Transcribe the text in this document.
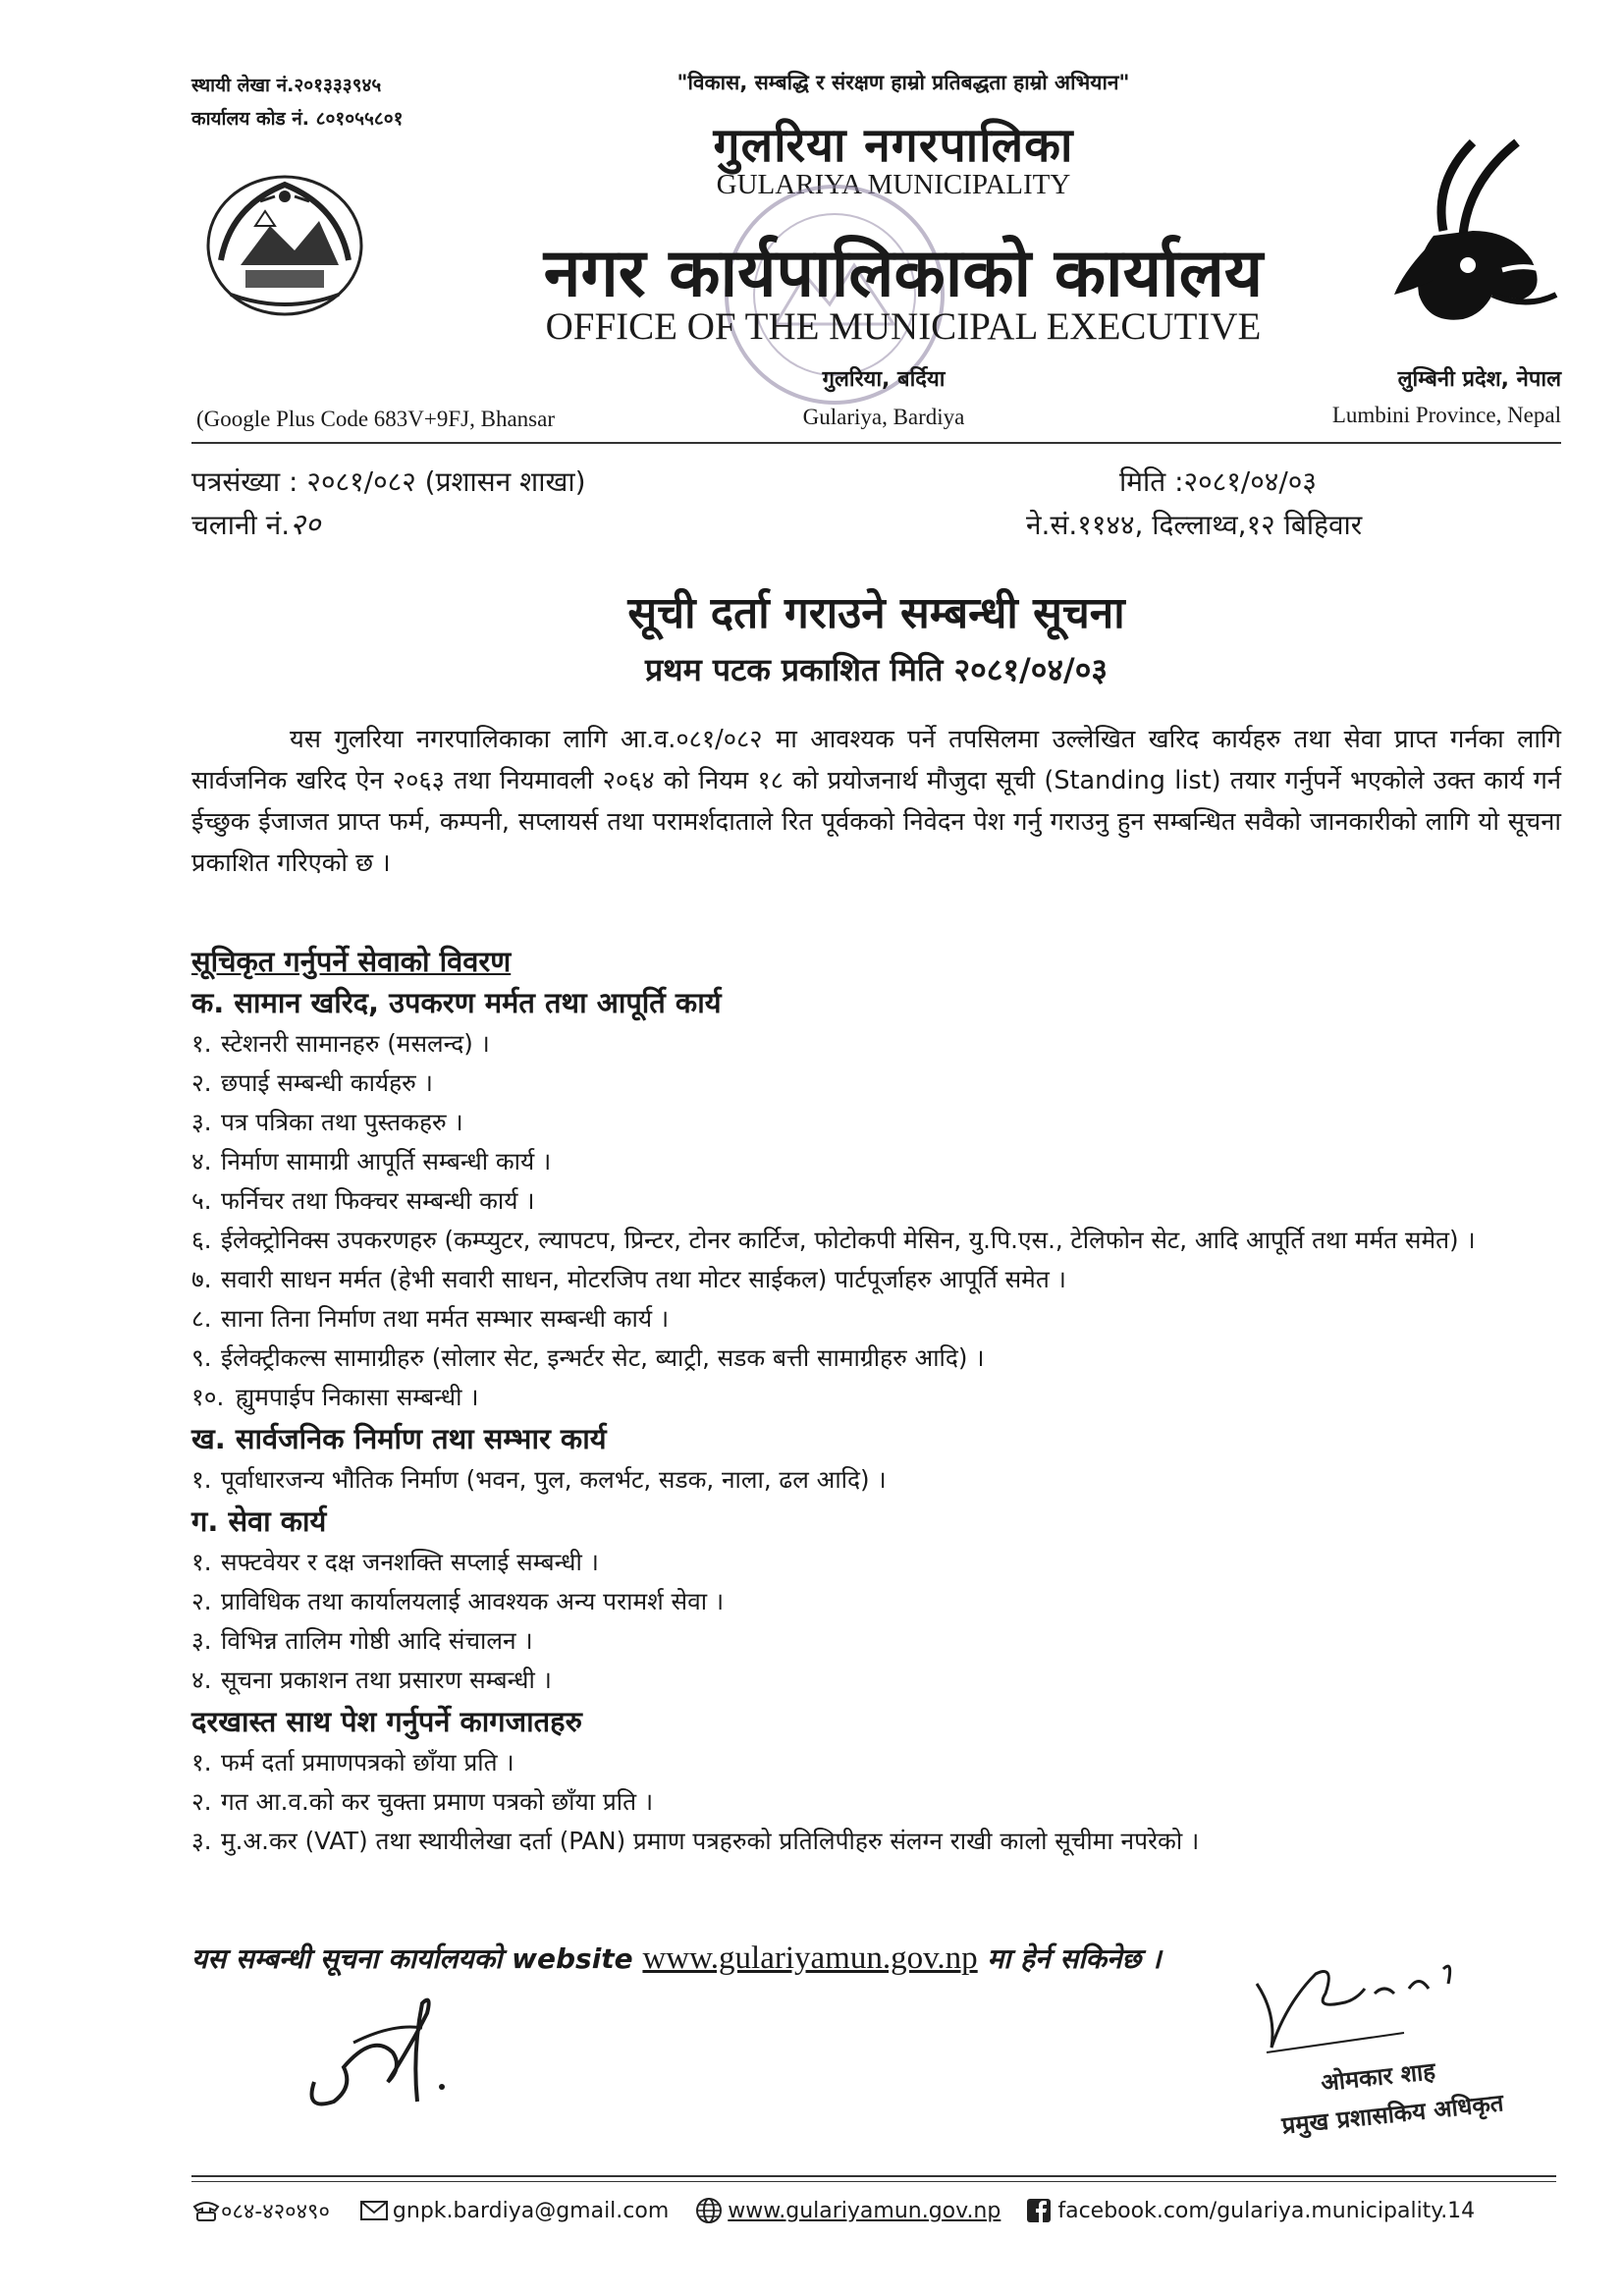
स्थायी लेखा नं.२०१३३३९४५
कार्यालय कोड नं. ८०१०५५८०१
"विकास, सम्बद्धि र संरक्षण हाम्रो प्रतिबद्धता हाम्रो अभियान"
गुलरिया नगरपालिका
GULARIYA MUNICIPALITY
नगर कार्यपालिकाको कार्यालय
OFFICE OF THE MUNICIPAL EXECUTIVE
गुलरिया, बर्दिया
Gulariya, Bardiya
(Google Plus Code 683V+9FJ, Bhansar
लुम्बिनी प्रदेश, नेपाल
Lumbini Province, Nepal
पत्रसंख्या : २०८१/०८२ (प्रशासन शाखा)
चलानी नं.२०
मिति :२०८१/०४/०३
ने.सं.११४४, दिल्लाथ्व,१२ बिहिवार
सूची दर्ता गराउने सम्बन्धी सूचना
प्रथम पटक प्रकाशित मिति २०८१/०४/०३
यस गुलरिया नगरपालिकाका लागि आ.व.०८१/०८२ मा आवश्यक पर्ने तपसिलमा उल्लेखित खरिद कार्यहरु तथा सेवा प्राप्त गर्नका लागि सार्वजनिक खरिद ऐन २०६३ तथा नियमावली २०६४ को नियम १८ को प्रयोजनार्थ मौजुदा सूची (Standing list) तयार गर्नुपर्ने भएकोले उक्त कार्य गर्न ईच्छुक ईजाजत प्राप्त फर्म, कम्पनी, सप्लायर्स तथा परामर्शदाताले रित पूर्वकको निवेदन पेश गर्नु गराउनु हुन सम्बन्धित सवैको जानकारीको लागि यो सूचना प्रकाशित गरिएको छ ।
सूचिकृत गर्नुपर्ने सेवाको विवरण
क. सामान खरिद, उपकरण मर्मत तथा आपूर्ति कार्य
१. स्टेशनरी सामानहरु (मसलन्द) ।
२. छपाई सम्बन्धी कार्यहरु ।
३. पत्र पत्रिका तथा पुस्तकहरु ।
४. निर्माण सामाग्री आपूर्ति सम्बन्धी कार्य ।
५. फर्निचर तथा फिक्चर सम्बन्धी कार्य ।
६. ईलेक्ट्रोनिक्स उपकरणहरु (कम्प्युटर, ल्यापटप, प्रिन्टर, टोनर कार्टिज, फोटोकपी मेसिन, यु.पि.एस., टेलिफोन सेट, आदि आपूर्ति तथा मर्मत समेत) ।
७. सवारी साधन मर्मत (हेभी सवारी साधन, मोटरजिप तथा मोटर साईकल) पार्टपूर्जाहरु आपूर्ति समेत ।
८. साना तिना निर्माण तथा मर्मत सम्भार सम्बन्धी कार्य ।
९. ईलेक्ट्रीकल्स सामाग्रीहरु (सोलार सेट, इन्भर्टर सेट, ब्याट्री, सडक बत्ती सामाग्रीहरु आदि) ।
१०. ह्युमपाईप निकासा सम्बन्धी ।
ख. सार्वजनिक निर्माण तथा सम्भार कार्य
१. पूर्वाधारजन्य भौतिक निर्माण (भवन, पुल, कलर्भट, सडक, नाला, ढल आदि) ।
ग. सेवा कार्य
१. सफ्टवेयर र दक्ष जनशक्ति सप्लाई सम्बन्धी ।
२. प्राविधिक तथा कार्यालयलाई आवश्यक अन्य परामर्श सेवा ।
३. विभिन्न तालिम गोष्ठी आदि संचालन ।
४. सूचना प्रकाशन तथा प्रसारण सम्बन्धी ।
दरखास्त साथ पेश गर्नुपर्ने कागजातहरु
१. फर्म दर्ता प्रमाणपत्रको छाँया प्रति ।
२. गत आ.व.को कर चुक्ता प्रमाण पत्रको छाँया प्रति ।
३. मु.अ.कर (VAT) तथा स्थायीलेखा दर्ता (PAN) प्रमाण पत्रहरुको प्रतिलिपीहरु संलग्न राखी कालो सूचीमा नपरेको ।
यस सम्बन्धी सूचना कार्यालयको website www.gulariyamun.gov.np मा हेर्न सकिनेछ ।
ओमकार शाह
प्रमुख प्रशासकिय अधिकृत
०८४-४२०४९०	gnpk.bardiya@gmail.com	www.gulariyamun.gov.np	facebook.com/gulariya.municipality.14
